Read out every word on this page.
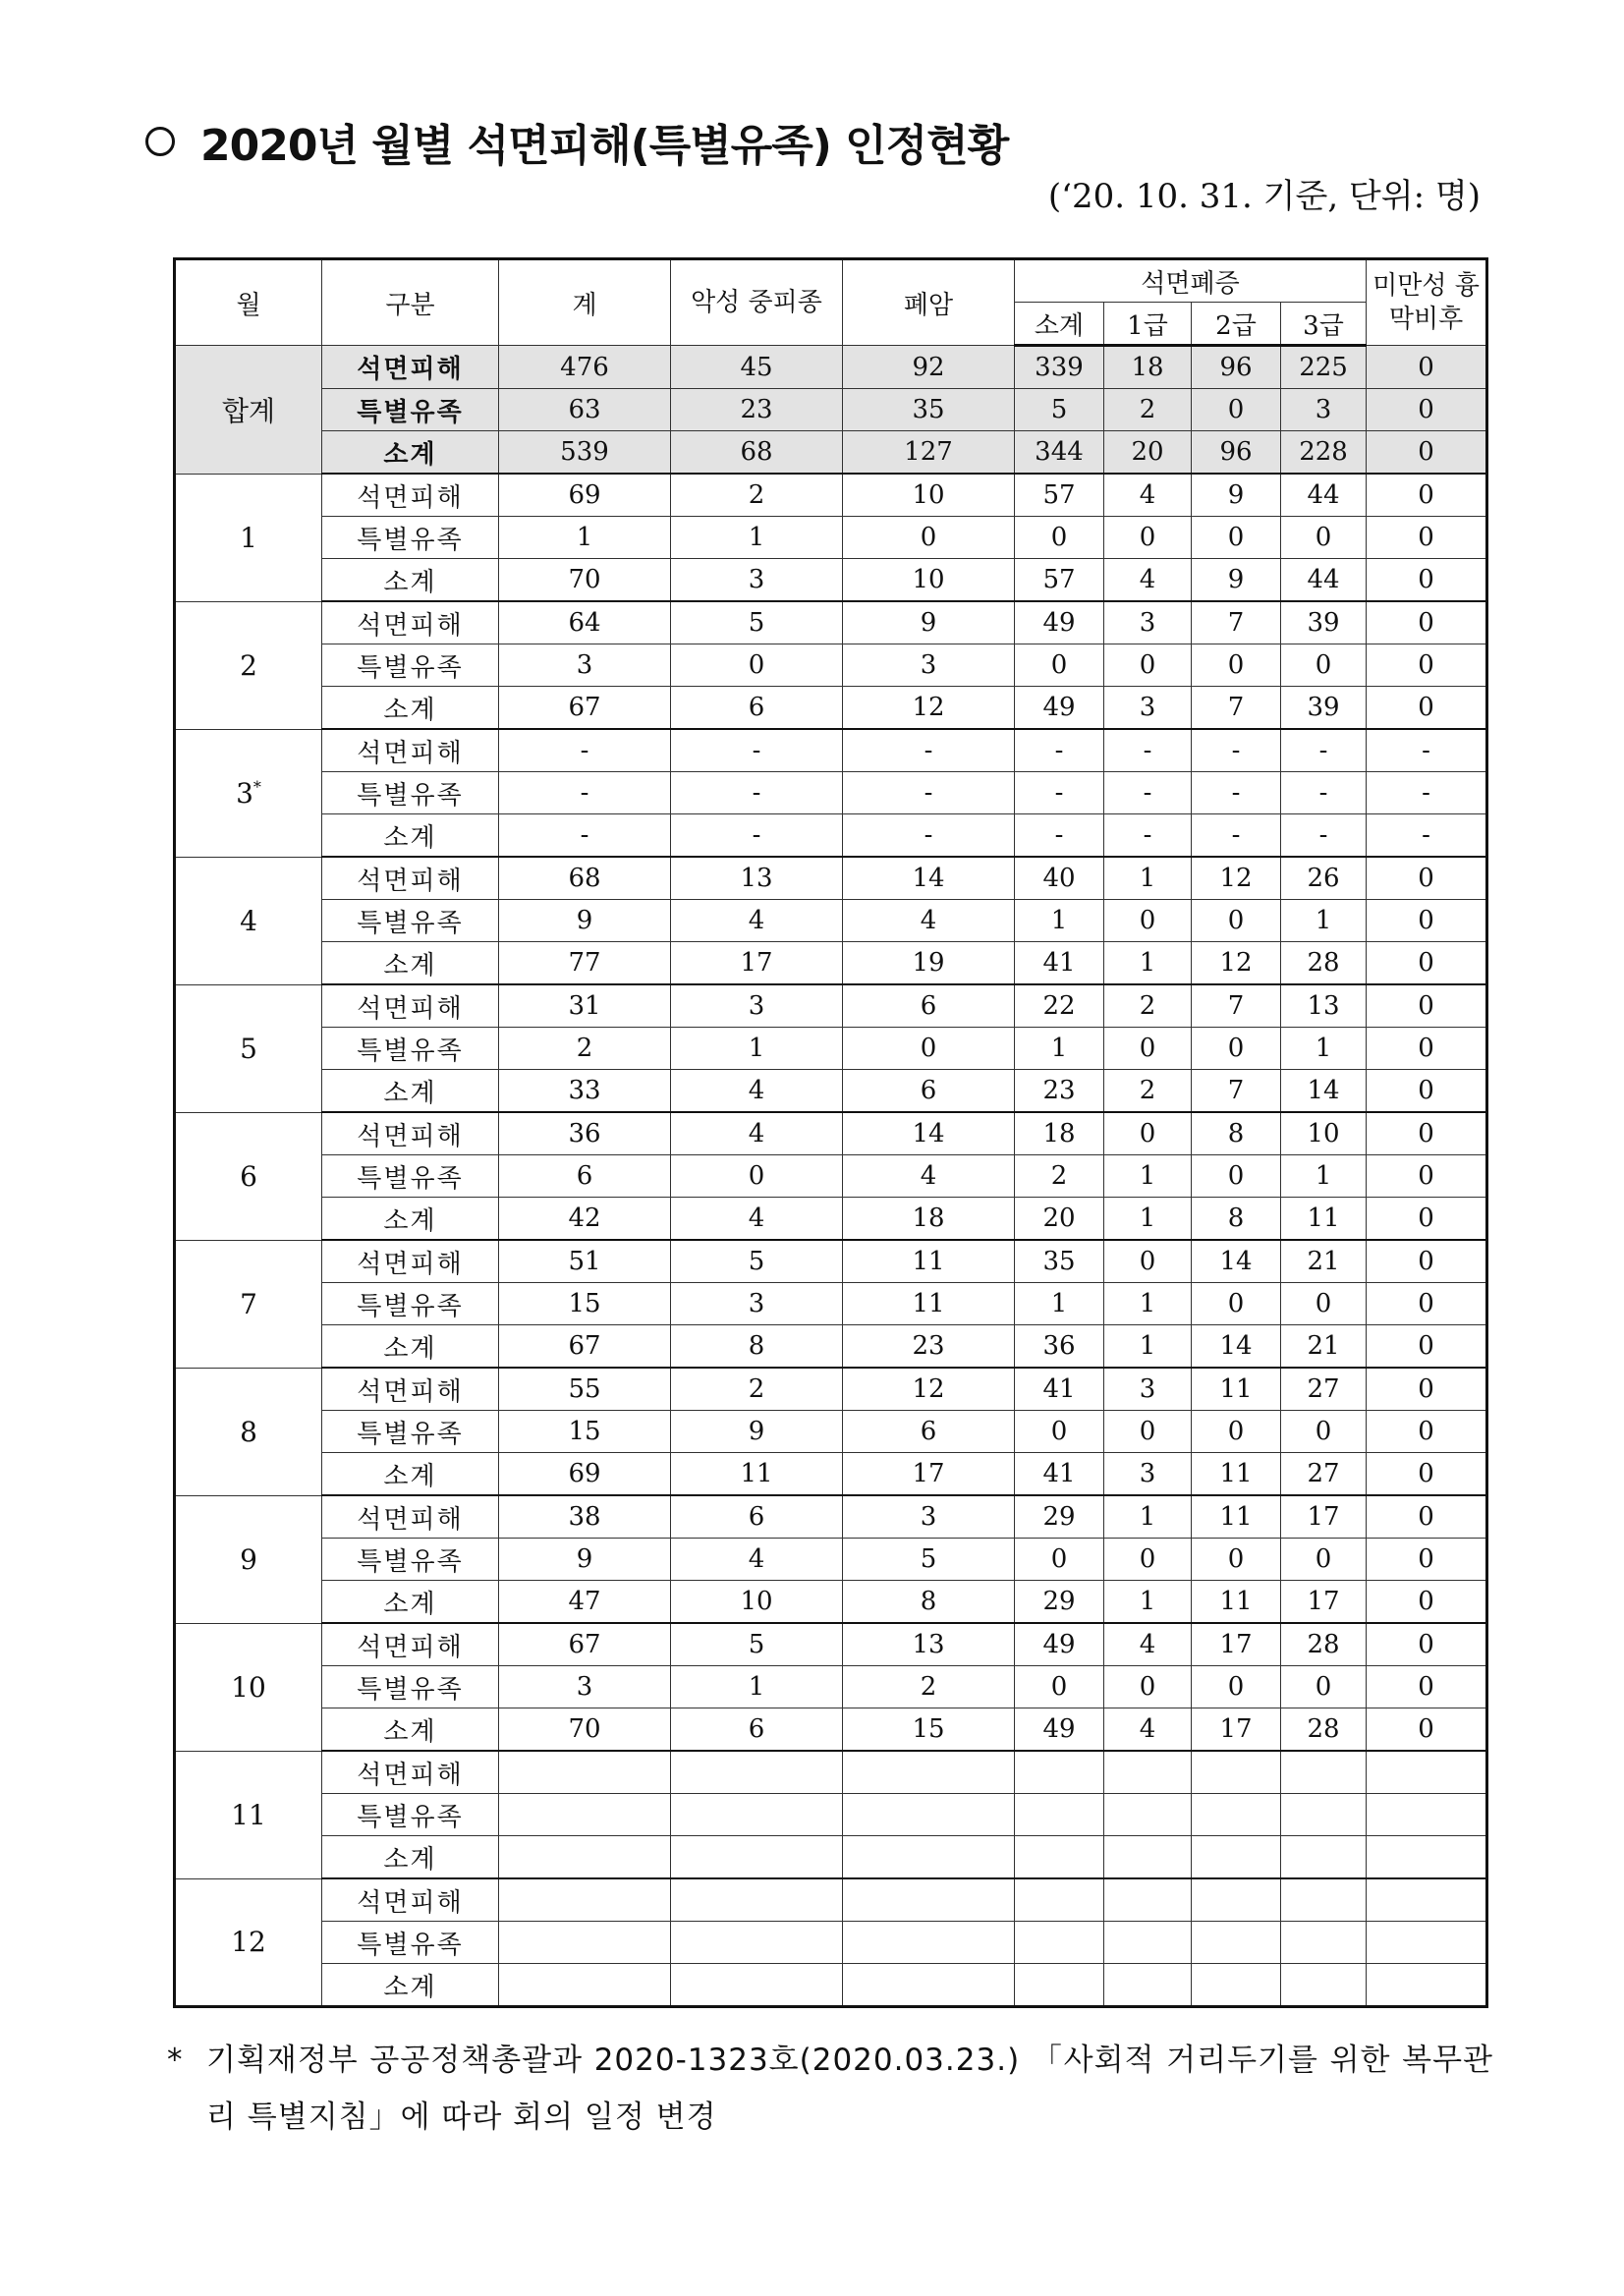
2020년 월별 석면피해(특별유족) 인정현황
(‘20. 10. 31. 기준, 단위: 명)
월	구분	계	악성 중피종	폐암	석면폐증				미만성 흉막비후
					소계	1급	2급	3급	
합계	석면피해	476	45	92	339	18	96	225	0
	특별유족	63	23	35	5	2	0	3	0
	소계	539	68	127	344	20	96	228	0
1	석면피해	69	2	10	57	4	9	44	0
	특별유족	1	1	0	0	0	0	0	0
	소계	70	3	10	57	4	9	44	0
2	석면피해	64	5	9	49	3	7	39	0
	특별유족	3	0	3	0	0	0	0	0
	소계	67	6	12	49	3	7	39	0
3*	석면피해	-	-	-	-	-	-	-	-
	특별유족	-	-	-	-	-	-	-	-
	소계	-	-	-	-	-	-	-	-
4	석면피해	68	13	14	40	1	12	26	0
	특별유족	9	4	4	1	0	0	1	0
	소계	77	17	19	41	1	12	28	0
5	석면피해	31	3	6	22	2	7	13	0
	특별유족	2	1	0	1	0	0	1	0
	소계	33	4	6	23	2	7	14	0
6	석면피해	36	4	14	18	0	8	10	0
	특별유족	6	0	4	2	1	0	1	0
	소계	42	4	18	20	1	8	11	0
7	석면피해	51	5	11	35	0	14	21	0
	특별유족	15	3	11	1	1	0	0	0
	소계	67	8	23	36	1	14	21	0
8	석면피해	55	2	12	41	3	11	27	0
	특별유족	15	9	6	0	0	0	0	0
	소계	69	11	17	41	3	11	27	0
9	석면피해	38	6	3	29	1	11	17	0
	특별유족	9	4	5	0	0	0	0	0
	소계	47	10	8	29	1	11	17	0
10	석면피해	67	5	13	49	4	17	28	0
	특별유족	3	1	2	0	0	0	0	0
	소계	70	6	15	49	4	17	28	0
11	석면피해								
	특별유족								
	소계								
12	석면피해								
	특별유족								
	소계								
* 기획재정부 공공정책총괄과 2020-1323호(2020.03.23.) 「사회적 거리두기를 위한 복무관리 특별지침」에 따라 회의 일정 변경
